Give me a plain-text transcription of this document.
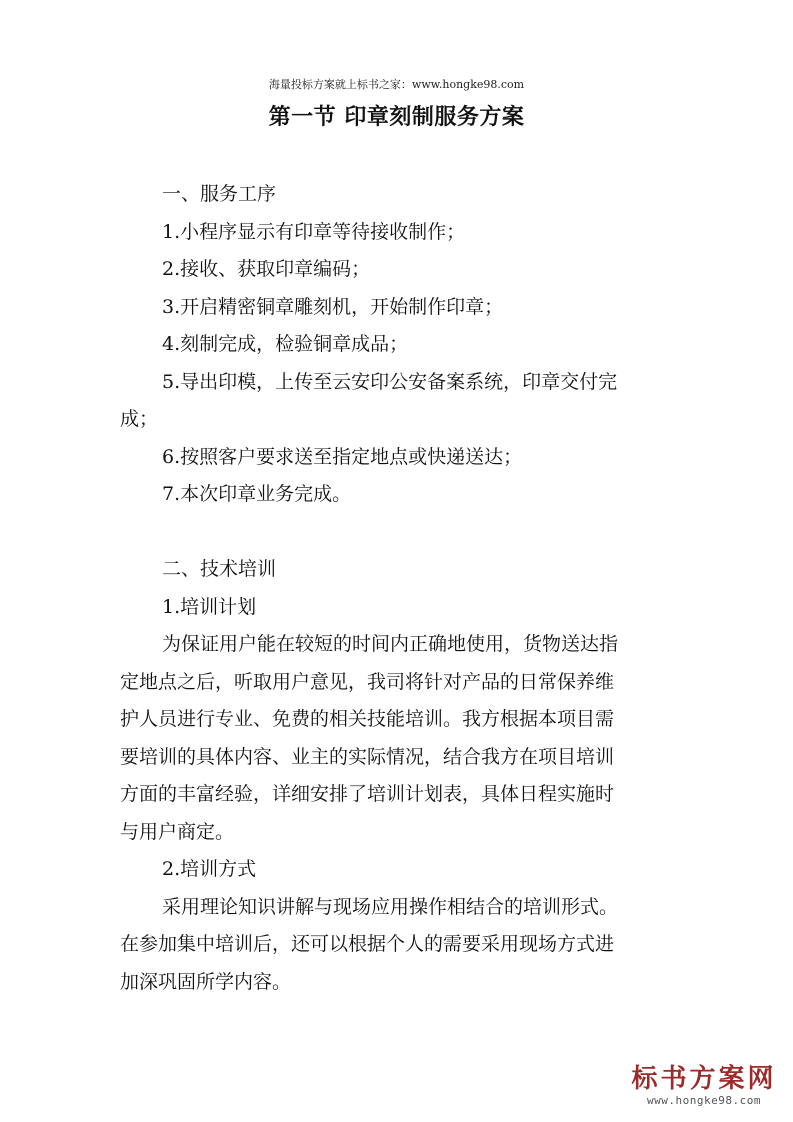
海量投标方案就上标书之家：www.hongke98.com
第一节 印章刻制服务方案

一、服务工序

1.小程序显示有印章等待接收制作；

2.接收、获取印章编码；

3.开启精密铜章雕刻机，开始制作印章；

4.刻制完成，检验铜章成品；

5.导出印模，上传至云安印公安备案系统，印章交付完

成；

6.按照客户要求送至指定地点或快递送达；

7.本次印章业务完成。

二、技术培训

1.培训计划

为保证用户能在较短的时间内正确地使用，货物送达指

定地点之后，听取用户意见，我司将针对产品的日常保养维

护人员进行专业、免费的相关技能培训。我方根据本项目需

要培训的具体内容、业主的实际情况，结合我方在项目培训

方面的丰富经验，详细安排了培训计划表，具体日程实施时

与用户商定。

2.培训方式

采用理论知识讲解与现场应用操作相结合的培训形式。

在参加集中培训后，还可以根据个人的需要采用现场方式进

加深巩固所学内容。

标书方案网
www.hongke98.com
